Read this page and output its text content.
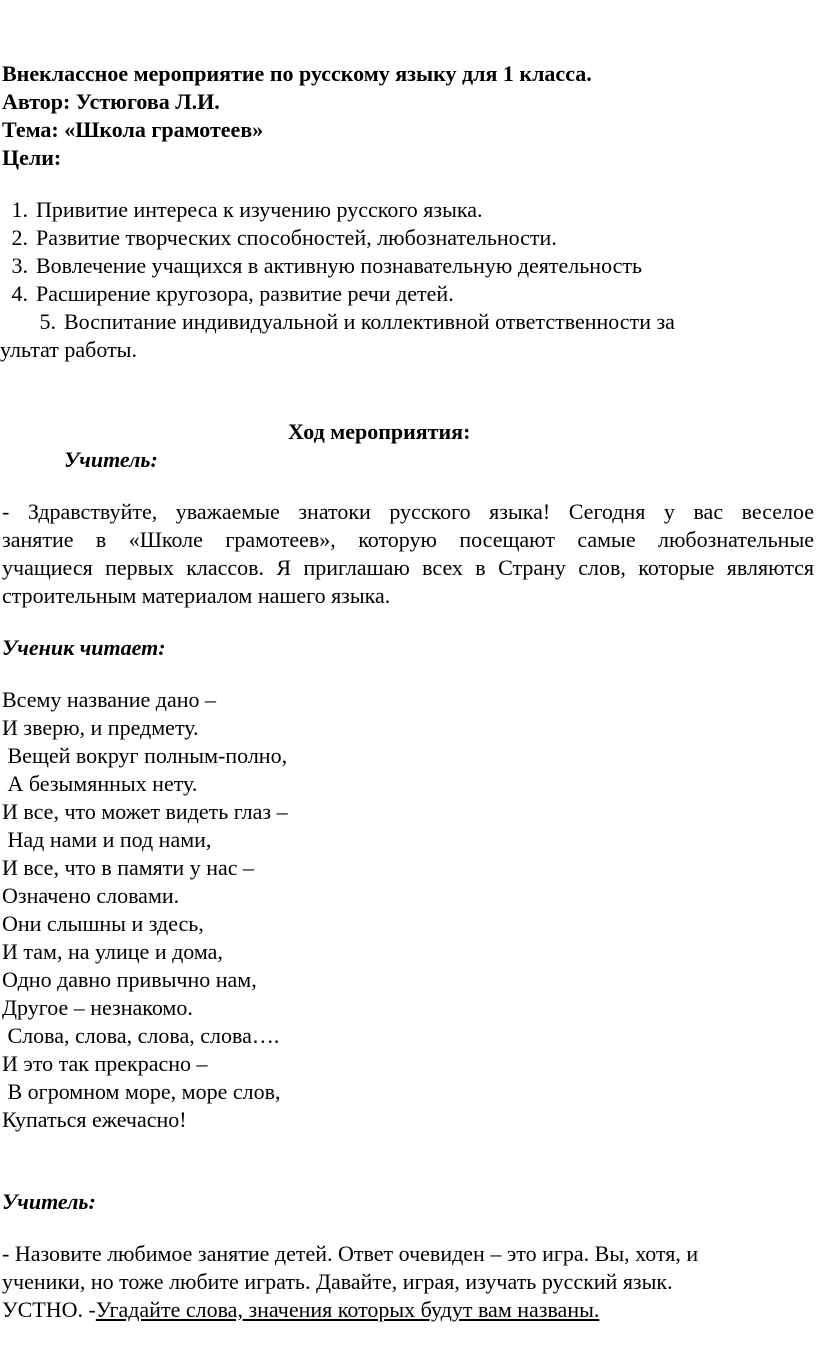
Внеклассное мероприятие по русскому языку для 1 класса.
Автор: Устюгова Л.И.
Тема: «Школа грамотеев»
Цели:
1. Привитие интереса к изучению русского языка.
2. Развитие творческих способностей, любознательности.
3. Вовлечение учащихся в активную познавательную деятельность
4. Расширение кругозора, развитие речи детей.
5. Воспитание индивидуальной и коллективной ответственности за
ультат работы.
Ход мероприятия:
Учитель:
- Здравствуйте, уважаемые знатоки русского языка! Сегодня у вас веселое
занятие в «Школе грамотеев», которую посещают самые любознательные
учащиеся первых классов. Я приглашаю всех в Страну слов, которые являются
строительным материалом нашего языка.
Ученик читает:
Всему название дано –
И зверю, и предмету.
Вещей вокруг полным-полно,
А безымянных нету.
И все, что может видеть глаз –
Над нами и под нами,
И все, что в памяти у нас –
Означено словами.
Они слышны и здесь,
И там, на улице и дома,
Одно давно привычно нам,
Другое – незнакомо.
Слова, слова, слова, слова….
И это так прекрасно –
В огромном море, море слов,
Купаться ежечасно!
Учитель:
- Назовите любимое занятие детей. Ответ очевиден – это игра. Вы, хотя, и
ученики, но тоже любите играть. Давайте, играя, изучать русский язык.
УСТНО. -Угадайте слова, значения которых будут вам названы.
